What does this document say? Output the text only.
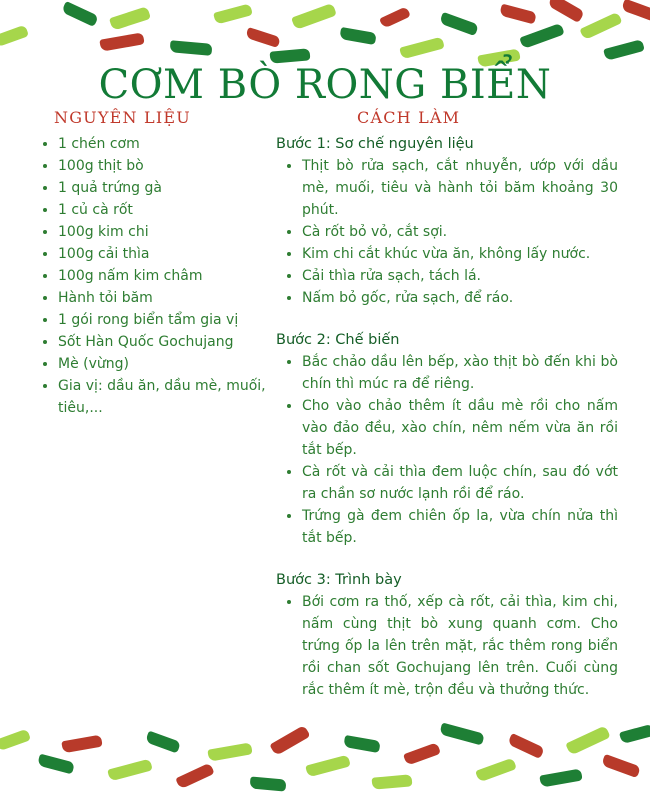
CƠM BÒ RONG BIỂN
NGUYÊN LIỆU	CÁCH LÀM
• 1 chén cơm
• 100g thịt bò
• 1 quả trứng gà
• 1 củ cà rốt
• 100g kim chi
• 100g cải thìa
• 100g nấm kim châm
• Hành tỏi băm
• 1 gói rong biển tẩm gia vị
• Sốt Hàn Quốc Gochujang
• Mè (vừng)
• Gia vị: dầu ăn, dầu mè, muối, tiêu,...

Bước 1: Sơ chế nguyên liệu

• Thịt bò rửa sạch, cắt nhuyễn, ướp với dầu mè, muối, tiêu và hành tỏi băm khoảng 30 phút.
• Cà rốt bỏ vỏ, cắt sợi.
• Kim chi cắt khúc vừa ăn, không lấy nước.
• Cải thìa rửa sạch, tách lá.
• Nấm bỏ gốc, rửa sạch, để ráo.

Bước 2: Chế biến

• Bắc chảo dầu lên bếp, xào thịt bò đến khi bò chín thì múc ra để riêng.
• Cho vào chảo thêm ít dầu mè rồi cho nấm vào đảo đều, xào chín, nêm nếm vừa ăn rồi tắt bếp.
• Cà rốt và cải thìa đem luộc chín, sau đó vớt ra chần sơ nước lạnh rồi để ráo.
• Trứng gà đem chiên ốp la, vừa chín nửa thì tắt bếp.

Bước 3: Trình bày

• Bới cơm ra thố, xếp cà rốt, cải thìa, kim chi, nấm cùng thịt bò xung quanh cơm. Cho trứng ốp la lên trên mặt, rắc thêm rong biển rồi chan sốt Gochujang lên trên. Cuối cùng rắc thêm ít mè, trộn đều và thưởng thức.
